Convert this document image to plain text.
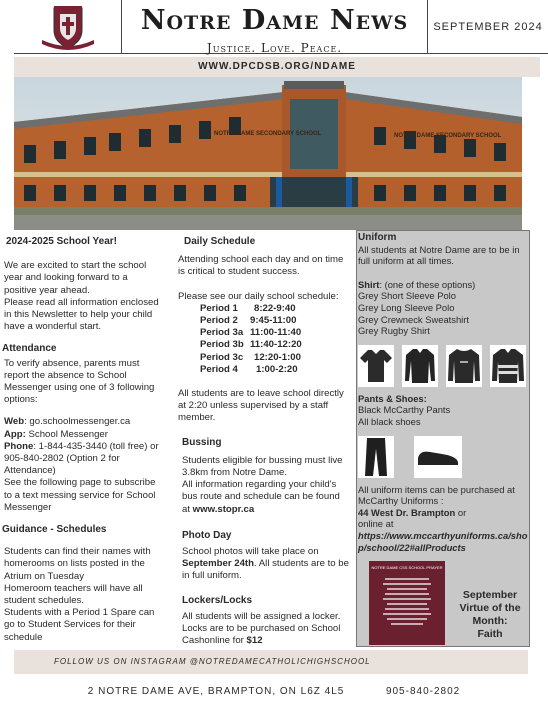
Notre Dame News
Justice. Love. Peace.
SEPTEMBER 2024
WWW.DPCDSB.ORG/NDAME
NOTRE DAME SECONDARY SCHOOL	NOTRE DAME SECONDARY SCHOOL
2024-2025 School Year!
We are excited to start the school year and looking forward to a positive year ahead.
Please read all information enclosed in this Newsletter to help your child have a wonderful start.
Attendance
To verify absence, parents must report the absence to School Messenger using one of 3 following options:
Web: go.schoolmessenger.ca
App: School Messenger
Phone: 1-844-435-3440 (toll free) or 905-840-2802 (Option 2 for Attendance)
See the following page to subscribe to a text messing service for School Messenger
Guidance - Schedules
Students can find their names with homerooms on lists posted in the Atrium on Tuesday
Homeroom teachers will have all student schedules.
Students with a Period 1 Spare can go to Student Services for their schedule
Daily Schedule
Attending school each day and on time is critical to student success.
Please see our daily school schedule:
Period 1	8:22-9:40
Period 2	9:45-11:00
Period 3a 11:00-11:40
Period 3b 11:40-12:20
Period 3c	12:20-1:00
Period 4	1:00-2:20
All students are to leave school directly at 2:20 unless supervised by a staff member.
Bussing
Students eligible for bussing must live 3.8km from Notre Dame.
All information regarding your child's bus route and schedule can be found at www.stopr.ca
Photo Day
School photos will take place on September 24th. All students are to be in full uniform.
Lockers/Locks
All students will be assigned a locker. Locks are to be purchased on School Cashonline for $12
Uniform
All students at Notre Dame are to be in full uniform at all times.
Shirt: (one of these options)
Grey Short Sleeve Polo
Grey Long Sleeve Polo
Grey Crewneck Sweatshirt
Grey Rugby Shirt
Pants & Shoes:
Black McCarthy Pants
All black shoes
All uniform items can be purchased at McCarthy Uniforms :
44 West Dr. Brampton or
online at
https://www.mccarthyuniforms.ca/shop/school/22#allProducts
NOTRE DAME CSS SCHOOL PRAYER
September
Virtue of the Month:
Faith
FOLLOW US ON INSTAGRAM @NOTREDAMECATHOLICHIGHSCHOOL
2 NOTRE DAME AVE, BRAMPTON, ON L6Z 4L5	905-840-2802
